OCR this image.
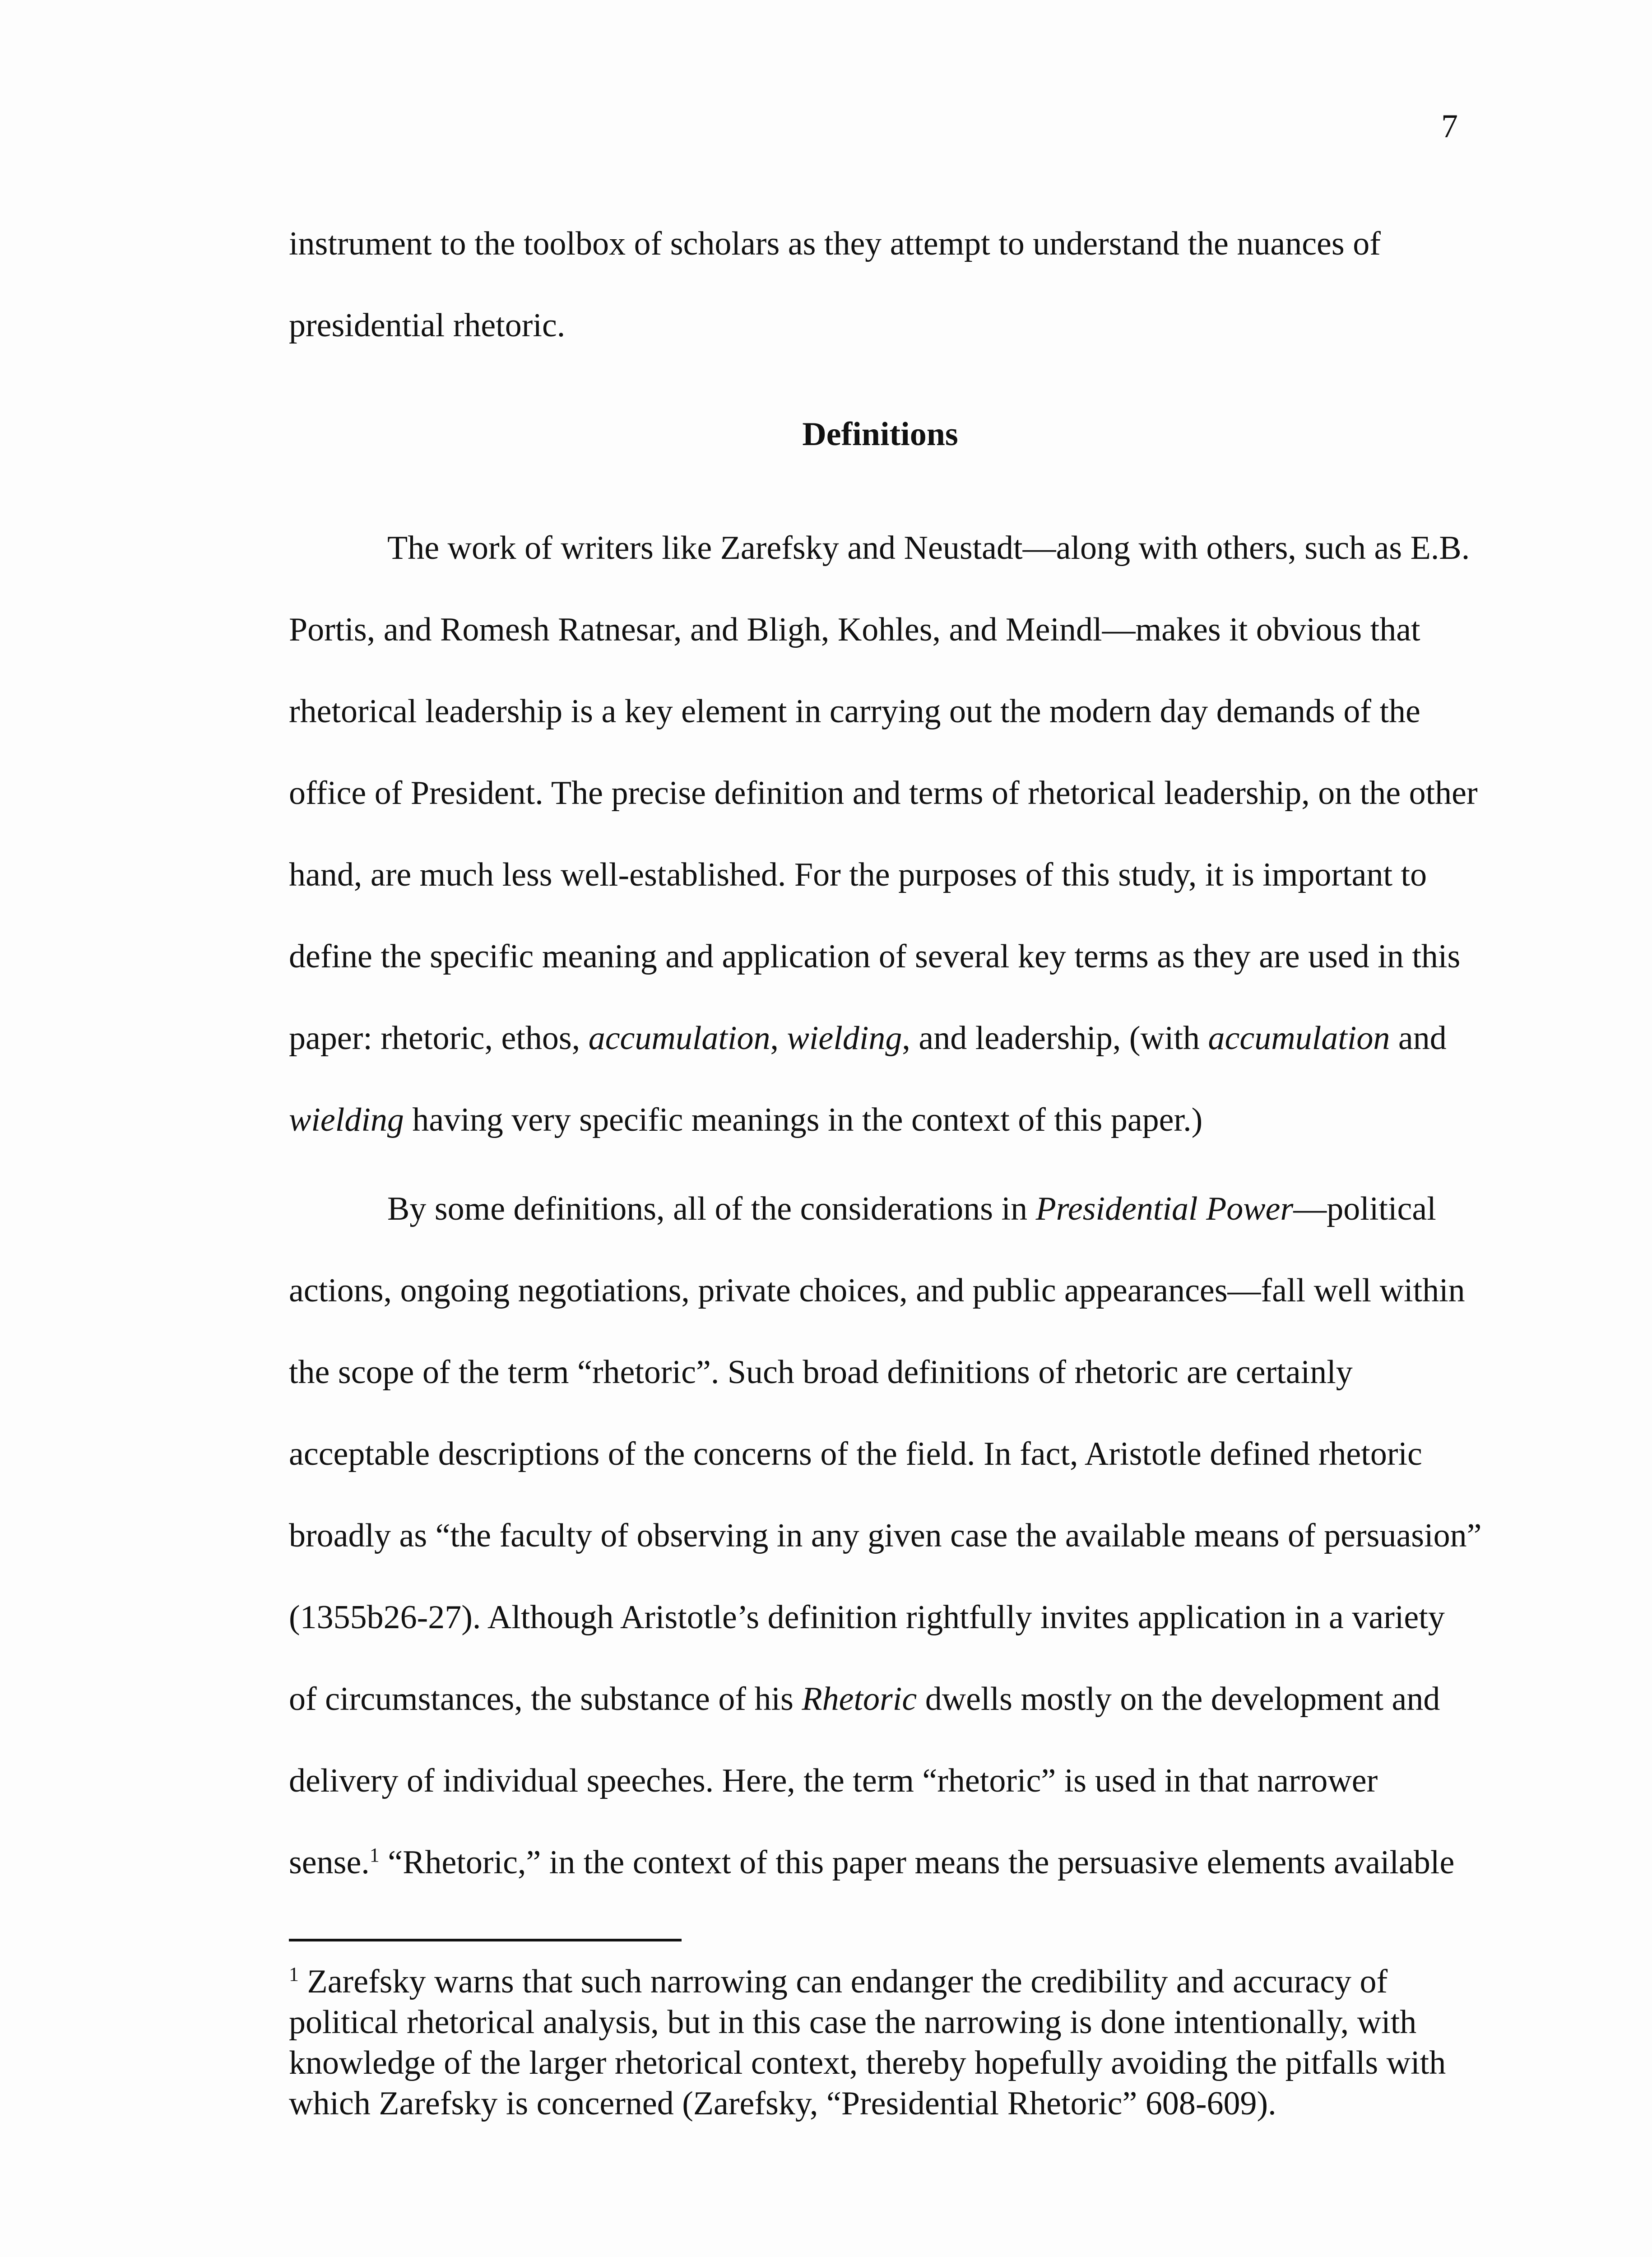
7
instrument to the toolbox of scholars as they attempt to understand the nuances of
presidential rhetoric.
Definitions
The work of writers like Zarefsky and Neustadt—along with others, such as E.B.
Portis, and Romesh Ratnesar, and Bligh, Kohles, and Meindl—makes it obvious that
rhetorical leadership is a key element in carrying out the modern day demands of the
office of President. The precise definition and terms of rhetorical leadership, on the other
hand, are much less well-established. For the purposes of this study, it is important to
define the specific meaning and application of several key terms as they are used in this
paper: rhetoric, ethos, accumulation, wielding, and leadership, (with accumulation and
wielding having very specific meanings in the context of this paper.)
By some definitions, all of the considerations in Presidential Power—political
actions, ongoing negotiations, private choices, and public appearances—fall well within
the scope of the term “rhetoric”. Such broad definitions of rhetoric are certainly
acceptable descriptions of the concerns of the field. In fact, Aristotle defined rhetoric
broadly as “the faculty of observing in any given case the available means of persuasion”
(1355b26-27). Although Aristotle’s definition rightfully invites application in a variety
of circumstances, the substance of his Rhetoric dwells mostly on the development and
delivery of individual speeches. Here, the term “rhetoric” is used in that narrower
sense.$^1$ “Rhetoric,” in the context of this paper means the persuasive elements available
$^1$ Zarefsky warns that such narrowing can endanger the credibility and accuracy of
political rhetorical analysis, but in this case the narrowing is done intentionally, with
knowledge of the larger rhetorical context, thereby hopefully avoiding the pitfalls with
which Zarefsky is concerned (Zarefsky, “Presidential Rhetoric” 608-609).
